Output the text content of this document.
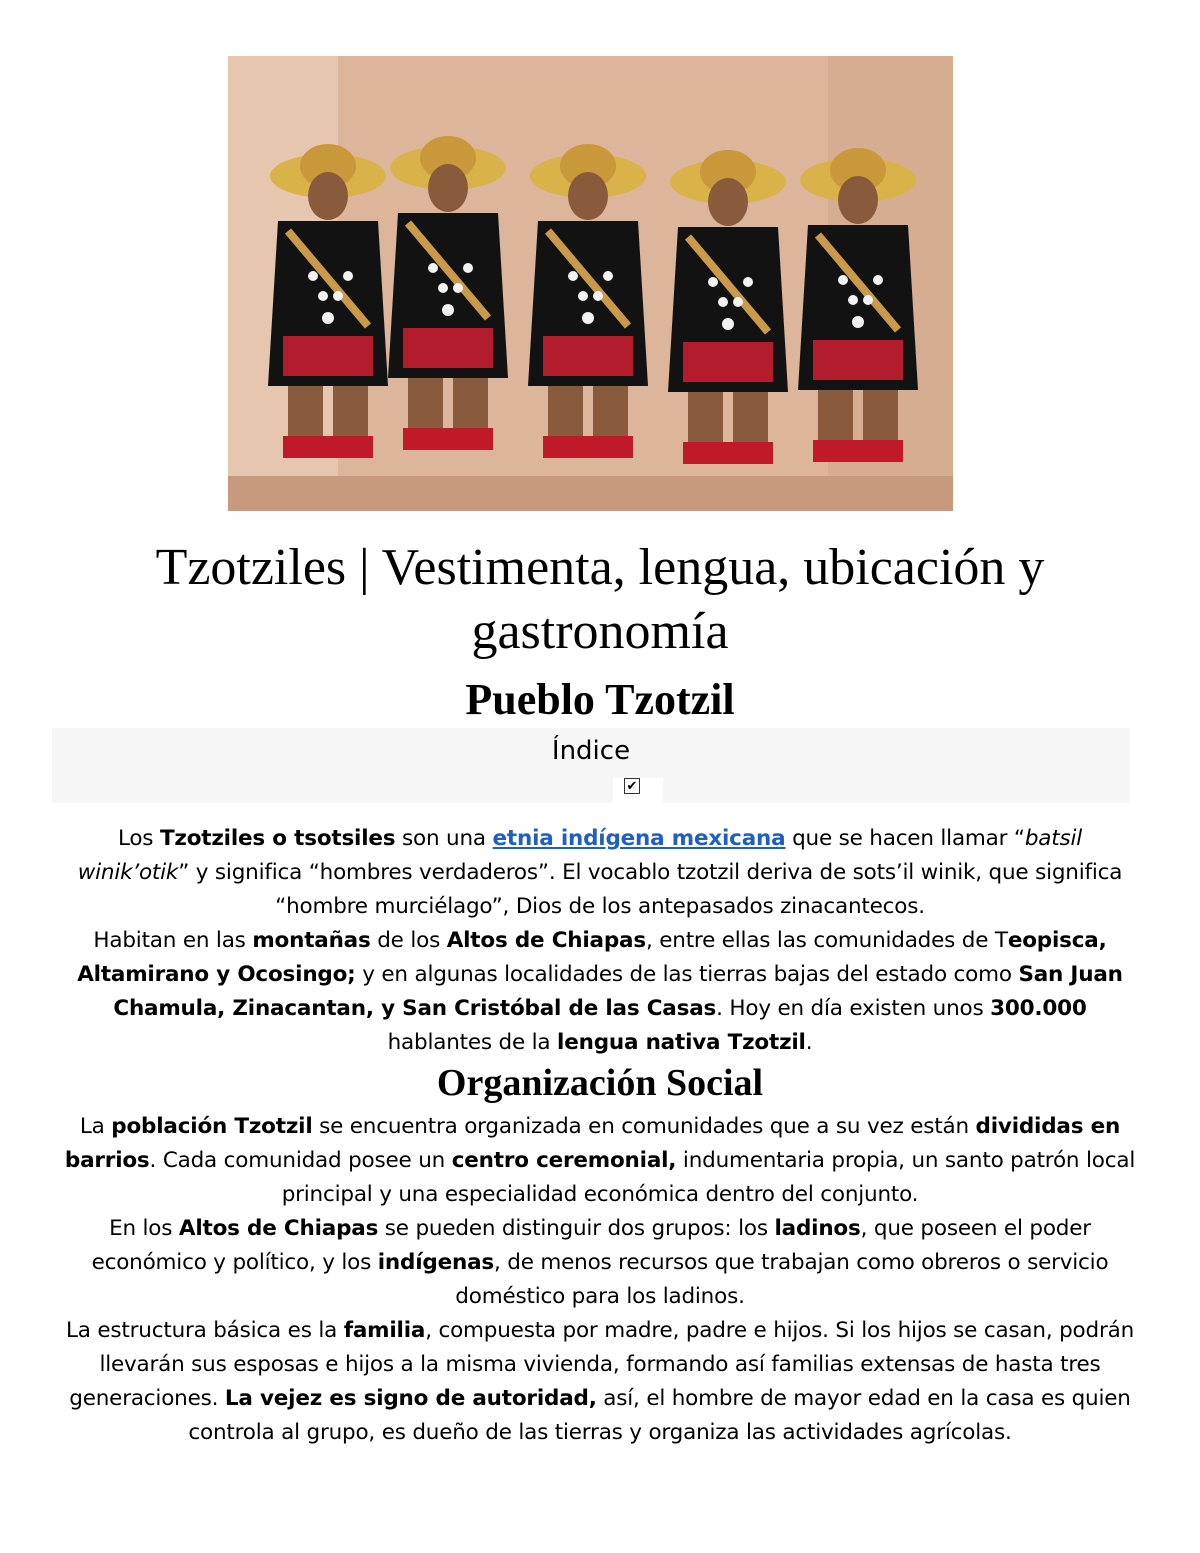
Tzotziles | Vestimenta, lengua, ubicación y gastronomía
Pueblo Tzotzil
Índice
✔

Los Tzotziles o tsotsiles son una etnia indígena mexicana que se hacen llamar “batsil winik’otik” y significa “hombres verdaderos”. El vocablo tzotzil deriva de sots’il winik, que significa “hombre murciélago”, Dios de los antepasados zinacantecos.

Habitan en las montañas de los Altos de Chiapas, entre ellas las comunidades de Teopisca, Altamirano y Ocosingo; y en algunas localidades de las tierras bajas del estado como San Juan Chamula, Zinacantan, y San Cristóbal de las Casas. Hoy en día existen unos 300.000 hablantes de la lengua nativa Tzotzil.

Organización Social

La población Tzotzil se encuentra organizada en comunidades que a su vez están divididas en barrios. Cada comunidad posee un centro ceremonial, indumentaria propia, un santo patrón local principal y una especialidad económica dentro del conjunto.

En los Altos de Chiapas se pueden distinguir dos grupos: los ladinos, que poseen el poder económico y político, y los indígenas, de menos recursos que trabajan como obreros o servicio doméstico para los ladinos.

La estructura básica es la familia, compuesta por madre, padre e hijos. Si los hijos se casan, podrán llevarán sus esposas e hijos a la misma vivienda, formando así familias extensas de hasta tres generaciones. La vejez es signo de autoridad, así, el hombre de mayor edad en la casa es quien controla al grupo, es dueño de las tierras y organiza las actividades agrícolas.
